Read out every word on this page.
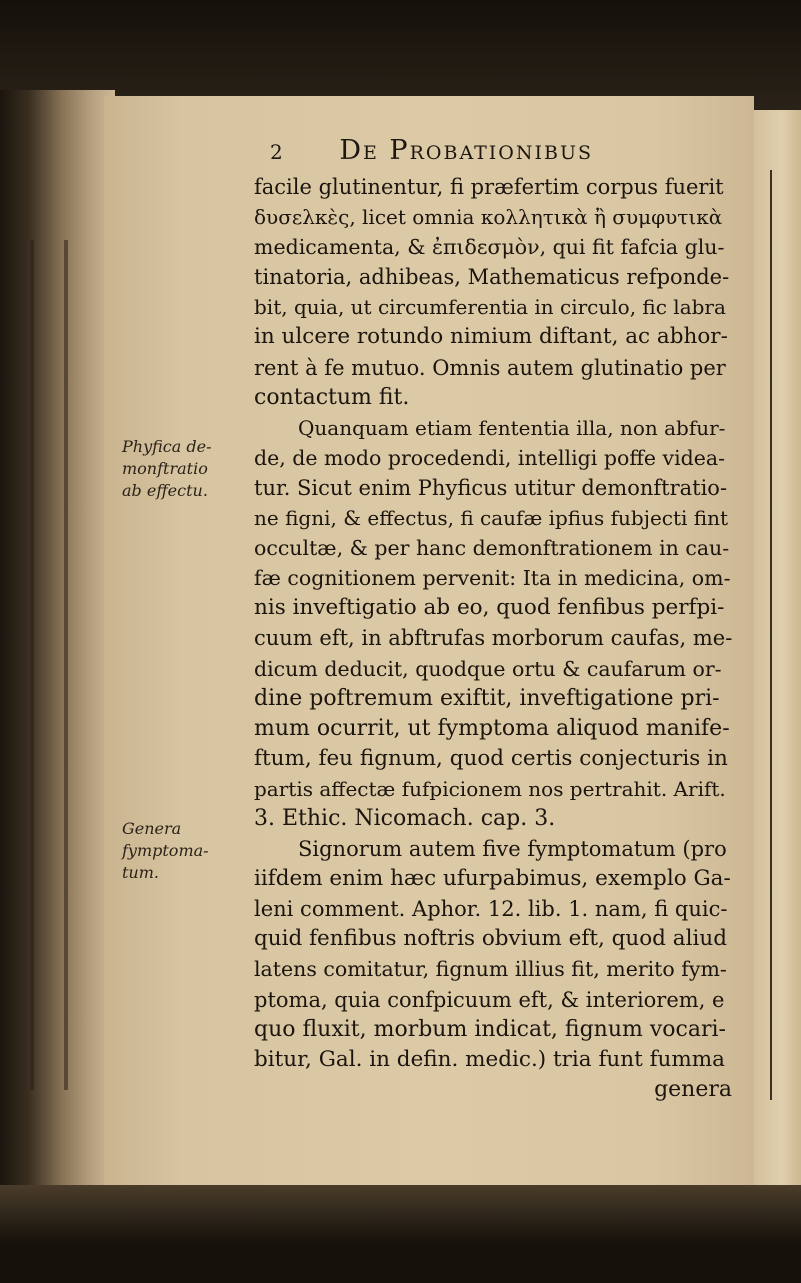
2 De Probationibus
Phyfica de-
monftratio
ab effectu.
Genera
fymptoma-
tum.
facile glutinentur, fi præfertim corpus fuerit
δυσελκὲς, licet omnia κολλητικὰ ἢ συμφυτικὰ
medicamenta, & ἐπιδεσμὸν, qui fit fafcia glu-
tinatoria, adhibeas, Mathematicus refponde-
bit, quia, ut circumferentia in circulo, fic labra
in ulcere rotundo nimium diftant, ac abhor-
rent à fe mutuo. Omnis autem glutinatio per
contactum fit.
Quanquam etiam fententia illa, non abfur-
de, de modo procedendi, intelligi poffe videa-
tur. Sicut enim Phyficus utitur demonftratio-
ne figni, & effectus, fi caufæ ipfius fubjecti fint
occultæ, & per hanc demonftrationem in cau-
fæ cognitionem pervenit: Ita in medicina, om-
nis inveftigatio ab eo, quod fenfibus perfpi-
cuum eft, in abftrufas morborum caufas, me-
dicum deducit, quodque ortu & caufarum or-
dine poftremum exiftit, inveftigatione pri-
mum ocurrit, ut fymptoma aliquod manife-
ftum, feu fignum, quod certis conjecturis in
partis affectæ fufpicionem nos pertrahit. Arift.
3. Ethic. Nicomach. cap. 3.
Signorum autem five fymptomatum (pro
iifdem enim hæc ufurpabimus, exemplo Ga-
leni comment. Aphor. 12. lib. 1. nam, fi quic-
quid fenfibus noftris obvium eft, quod aliud
latens comitatur, fignum illius fit, merito fym-
ptoma, quia confpicuum eft, & interiorem, e
quo fluxit, morbum indicat, fignum vocari-
bitur, Gal. in defin. medic.) tria funt fumma
genera
